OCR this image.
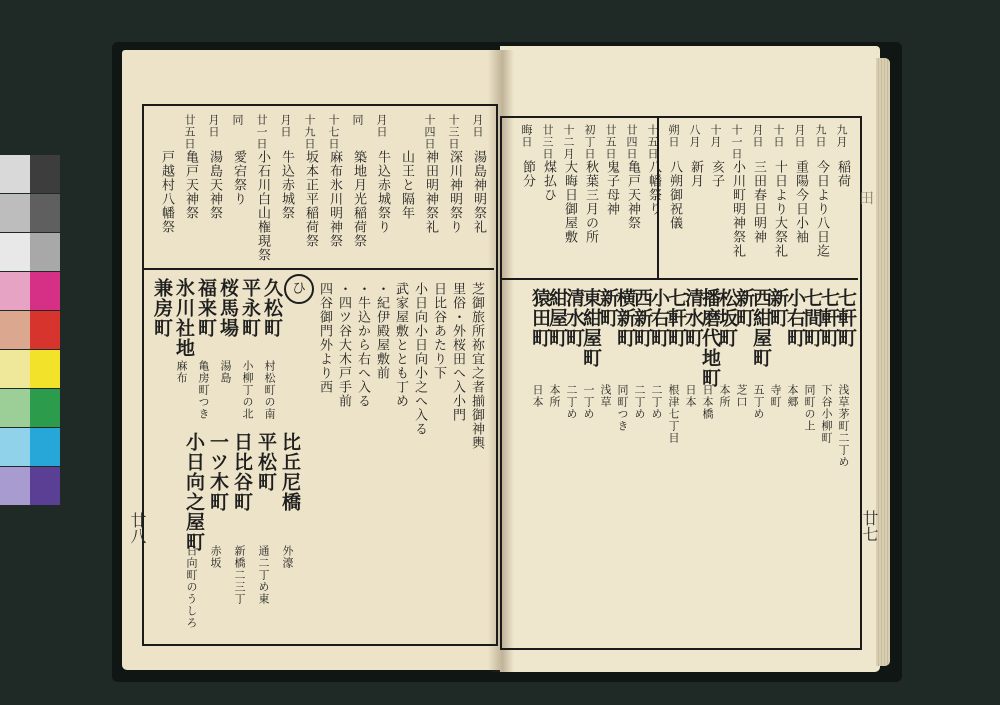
月日
湯島神明祭礼
十三日
深川神明祭り
十四日
神田明神祭礼
山王と隔年
月日
牛込赤城祭り
同
築地月光稲荷祭
十七日
麻布氷川明神祭
十九日
坂本正平稲荷祭
月日
牛込赤城祭
廿一日
小石川白山権現祭
同
愛宕祭り
月日
湯島天神祭
廿五日
亀戸天神祭
戸越村八幡祭
ひ
久松町
村松町の南
平永町
小柳丁の北
桜馬場
湯島
福来町
亀房町つき
氷川社地
麻布
兼房町
比丘尼橋
外濠
平松町
通二丁め東
日比谷町
新橋二三丁
一ツ木町
赤坂
小日向之屋町
日向町のうしろ
芝御旅所祢宜之者揃御神輿
里俗・外桜田へ入小門
日比谷あたり下
小日向小日向小之へ入る
武家屋敷ととも丁め
・紀伊殿屋敷前
・牛込から右へ入る
・四ツ谷大木戸手前
四谷御門外より西
九月
稲荷
九日
今日より八日迄
月日
重陽今日小袖
十日
十日より大祭礼
月日
三田春日明神
十一日
小川町明神祭礼
十月
亥子
八月
新月
朔日
八朔御祝儀
十五日
八幡祭り
廿四日
亀戸天神祭
廿五日
鬼子母神
初丁日
秋葉三月の所
十二月
大晦日御屋敷
廿三日
煤払ひ
晦日
節分
七軒町
浅草茅町二丁め
七軒町
下谷小柳町
七間町
同町の上
小右町
本郷
新町
寺町
西紺屋町
五丁め
新町
芝口
松坂町
本所
播磨代地町
日本橋
清水町
日本
七軒町
根津七丁目
小右町
二丁め
西新町
二丁め
横新町
同町つき
新町
浅草
東紺屋町
一丁め
清水町
二丁め
紺屋町
本所
猿田町
日本
廿八	廿七
田
